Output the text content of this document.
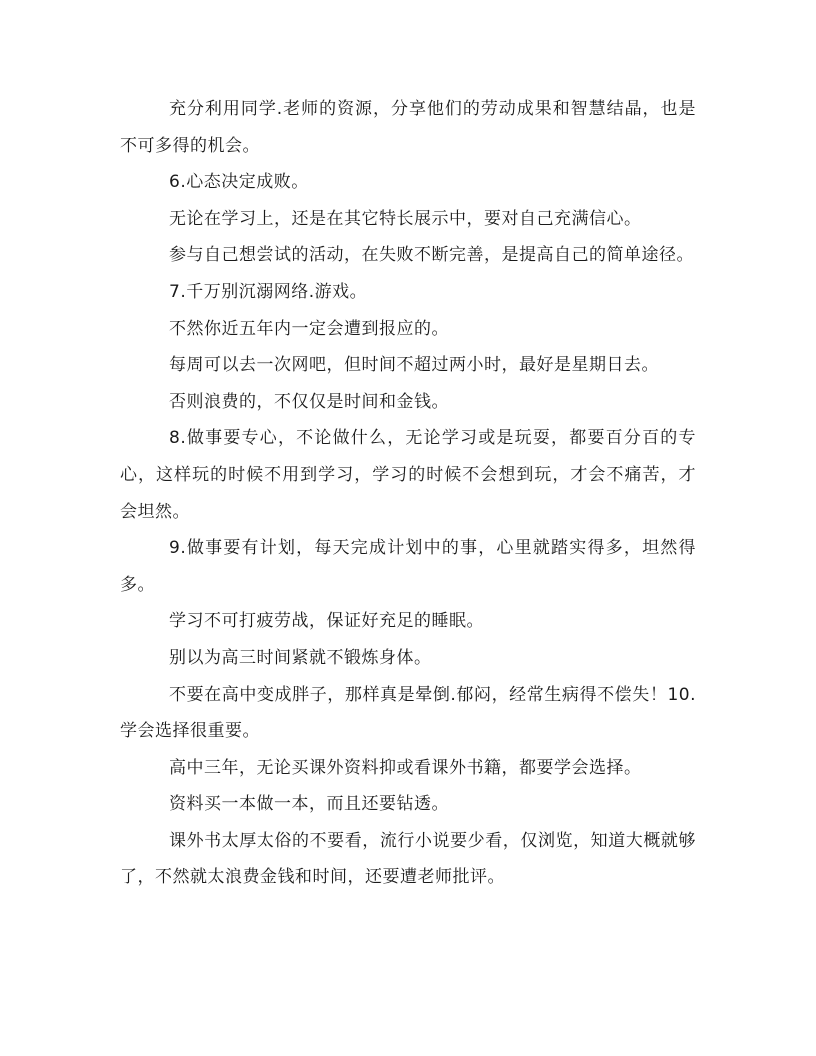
充分利用同学.老师的资源，分享他们的劳动成果和智慧结晶，也是不可多得的机会。

6.心态决定成败。

无论在学习上，还是在其它特长展示中，要对自己充满信心。

参与自己想尝试的活动，在失败不断完善，是提高自己的简单途径。

7.千万别沉溺网络.游戏。

不然你近五年内一定会遭到报应的。

每周可以去一次网吧，但时间不超过两小时，最好是星期日去。

否则浪费的，不仅仅是时间和金钱。

8.做事要专心，不论做什么，无论学习或是玩耍，都要百分百的专心，这样玩的时候不用到学习，学习的时候不会想到玩，才会不痛苦，才会坦然。

9.做事要有计划，每天完成计划中的事，心里就踏实得多，坦然得多。

学习不可打疲劳战，保证好充足的睡眠。

别以为高三时间紧就不锻炼身体。

不要在高中变成胖子，那样真是晕倒.郁闷，经常生病得不偿失！10.学会选择很重要。

高中三年，无论买课外资料抑或看课外书籍，都要学会选择。

资料买一本做一本，而且还要钻透。

课外书太厚太俗的不要看，流行小说要少看，仅浏览，知道大概就够了，不然就太浪费金钱和时间，还要遭老师批评。
